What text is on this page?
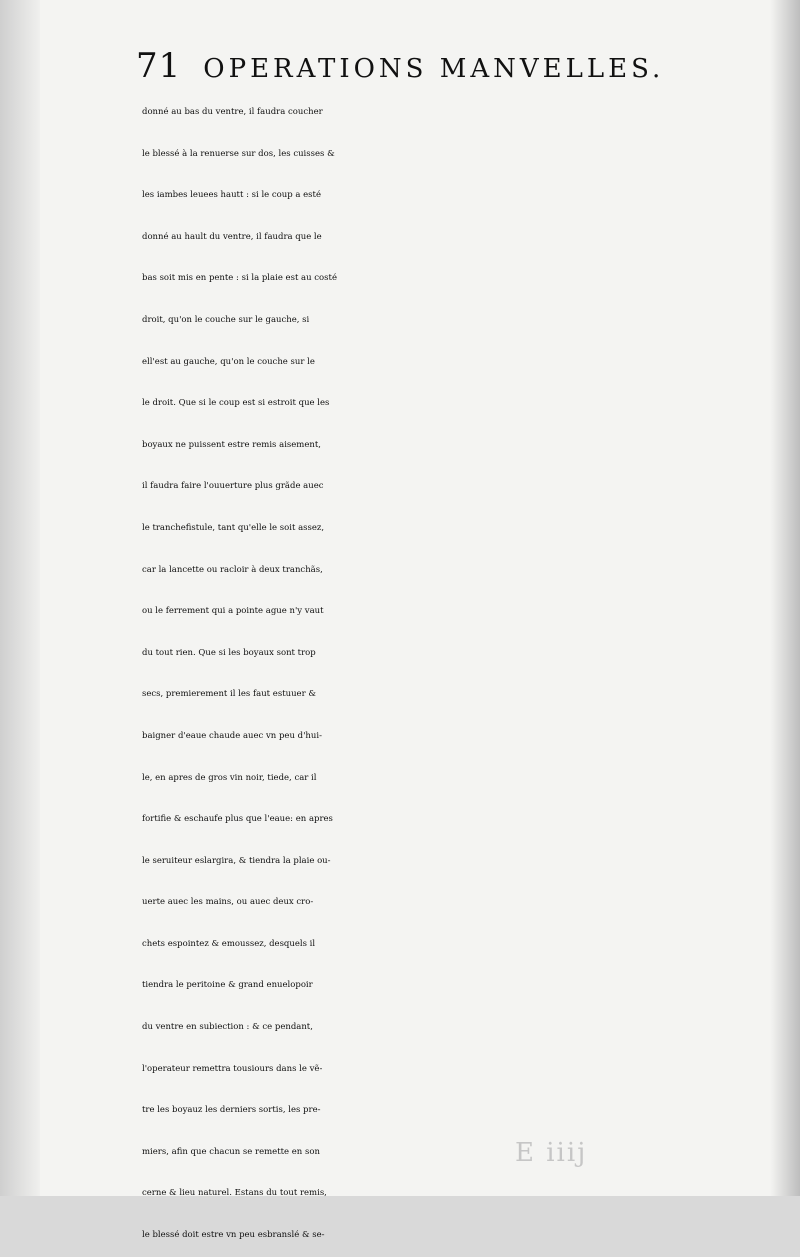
71 OPERATIONS MANVELLES.
donné au bas du ventre, il faudra coucher
le blessé à la renuerse sur dos, les cuisses &
les iambes leuees hautt : si le coup a esté
donné au hault du ventre, il faudra que le
bas soit mis en pente : si la plaie est au costé
droit, qu'on le couche sur le gauche, si
ell'est au gauche, qu'on le couche sur le
le droit. Que si le coup est si estroit que les
boyaux ne puissent estre remis aisement,
il faudra faire l'ouuerture plus grãde auec
le tranchefistule, tant qu'elle le soit assez,
car la lancette ou racloir à deux tranchãs,
ou le ferrement qui a pointe ague n'y vaut
du tout rien. Que si les boyaux sont trop
secs, premierement il les faut estuuer &
baigner d'eaue chaude auec vn peu d'hui-
le, en apres de gros vin noir, tiede, car il
fortifie & eschaufe plus que l'eaue: en apres
le seruiteur eslargira, & tiendra la plaie ou-
uerte auec les mains, ou auec deux cro-
chets espointez & emoussez, desquels il
tiendra le peritoine & grand enuelopoir
du ventre en subiection : & ce pendant,
l'operateur remettra tousiours dans le vẽ-
tre les boyauz les derniers sortis, les pre-
miers, afin que chacun se remette en son
cerne & lieu naturel. Estans du tout remis,
le blessé doit estre vn peu esbranslé & se-
E iiij
